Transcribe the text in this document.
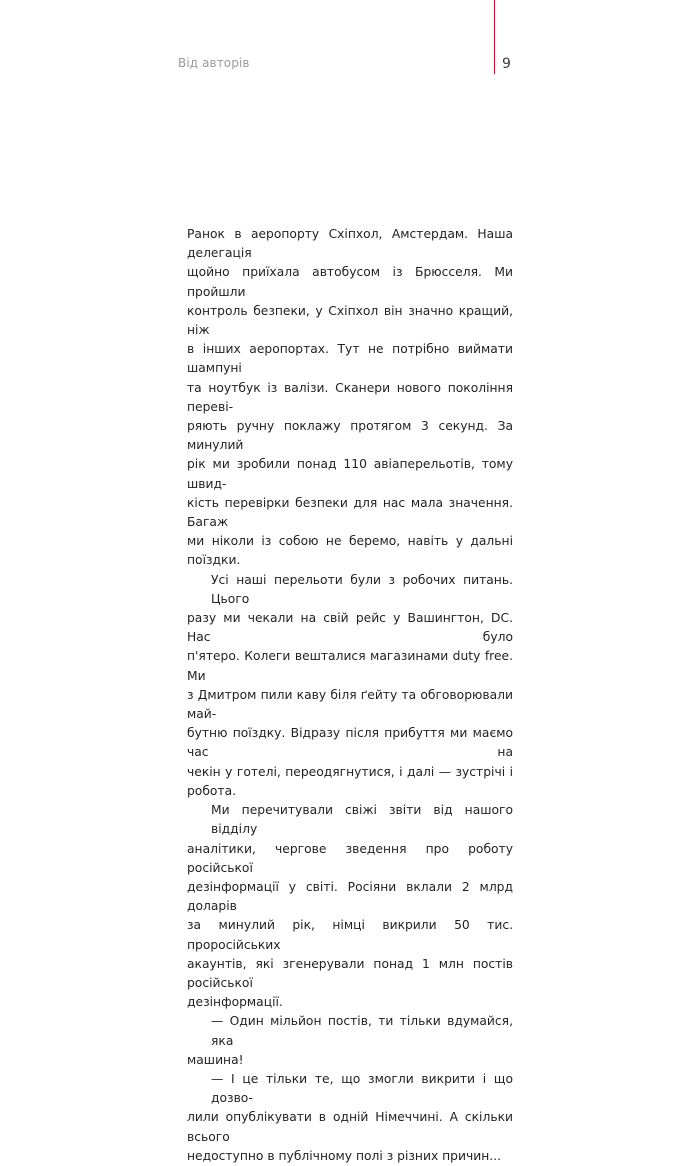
Від авторів	9

Ранок в аеропорту Схіпхол, Амстердам. Наша делегація
щойно приїхала автобусом із Брюсселя. Ми пройшли
контроль безпеки, у Схіпхол він значно кращий, ніж
в інших аеропортах. Тут не потрібно виймати шампуні
та ноутбук із валізи. Сканери нового покоління переві-
ряють ручну поклажу протягом 3 секунд. За минулий
рік ми зробили понад 110 авіаперельотів, тому швид-
кість перевірки безпеки для нас мала значення. Багаж
ми ніколи із собою не беремо, навіть у дальні поїздки.

Усі наші перельоти були з робочих питань. Цього
разу ми чекали на свій рейс у Вашингтон, DC. Нас було
п'ятеро. Колеги вешталися магазинами duty free. Ми
з Дмитром пили каву біля ґейту та обговорювали май-
бутню поїздку. Відразу після прибуття ми маємо час на
чекін у готелі, переодягнутися, і далі — зустрічі і робота.

Ми перечитували свіжі звіти від нашого відділу
аналітики, чергове зведення про роботу російської
дезінформації у світі. Росіяни вклали 2 млрд доларів
за минулий рік, німці викрили 50 тис. проросійських
акаунтів, які згенерували понад 1 млн постів російської
дезінформації.

— Один мільйон постів, ти тільки вдумайся, яка
машина!

— І це тільки те, що змогли викрити і що дозво-
лили опублікувати в одній Німеччині. А скільки всього
недоступно в публічному полі з різних причин...
